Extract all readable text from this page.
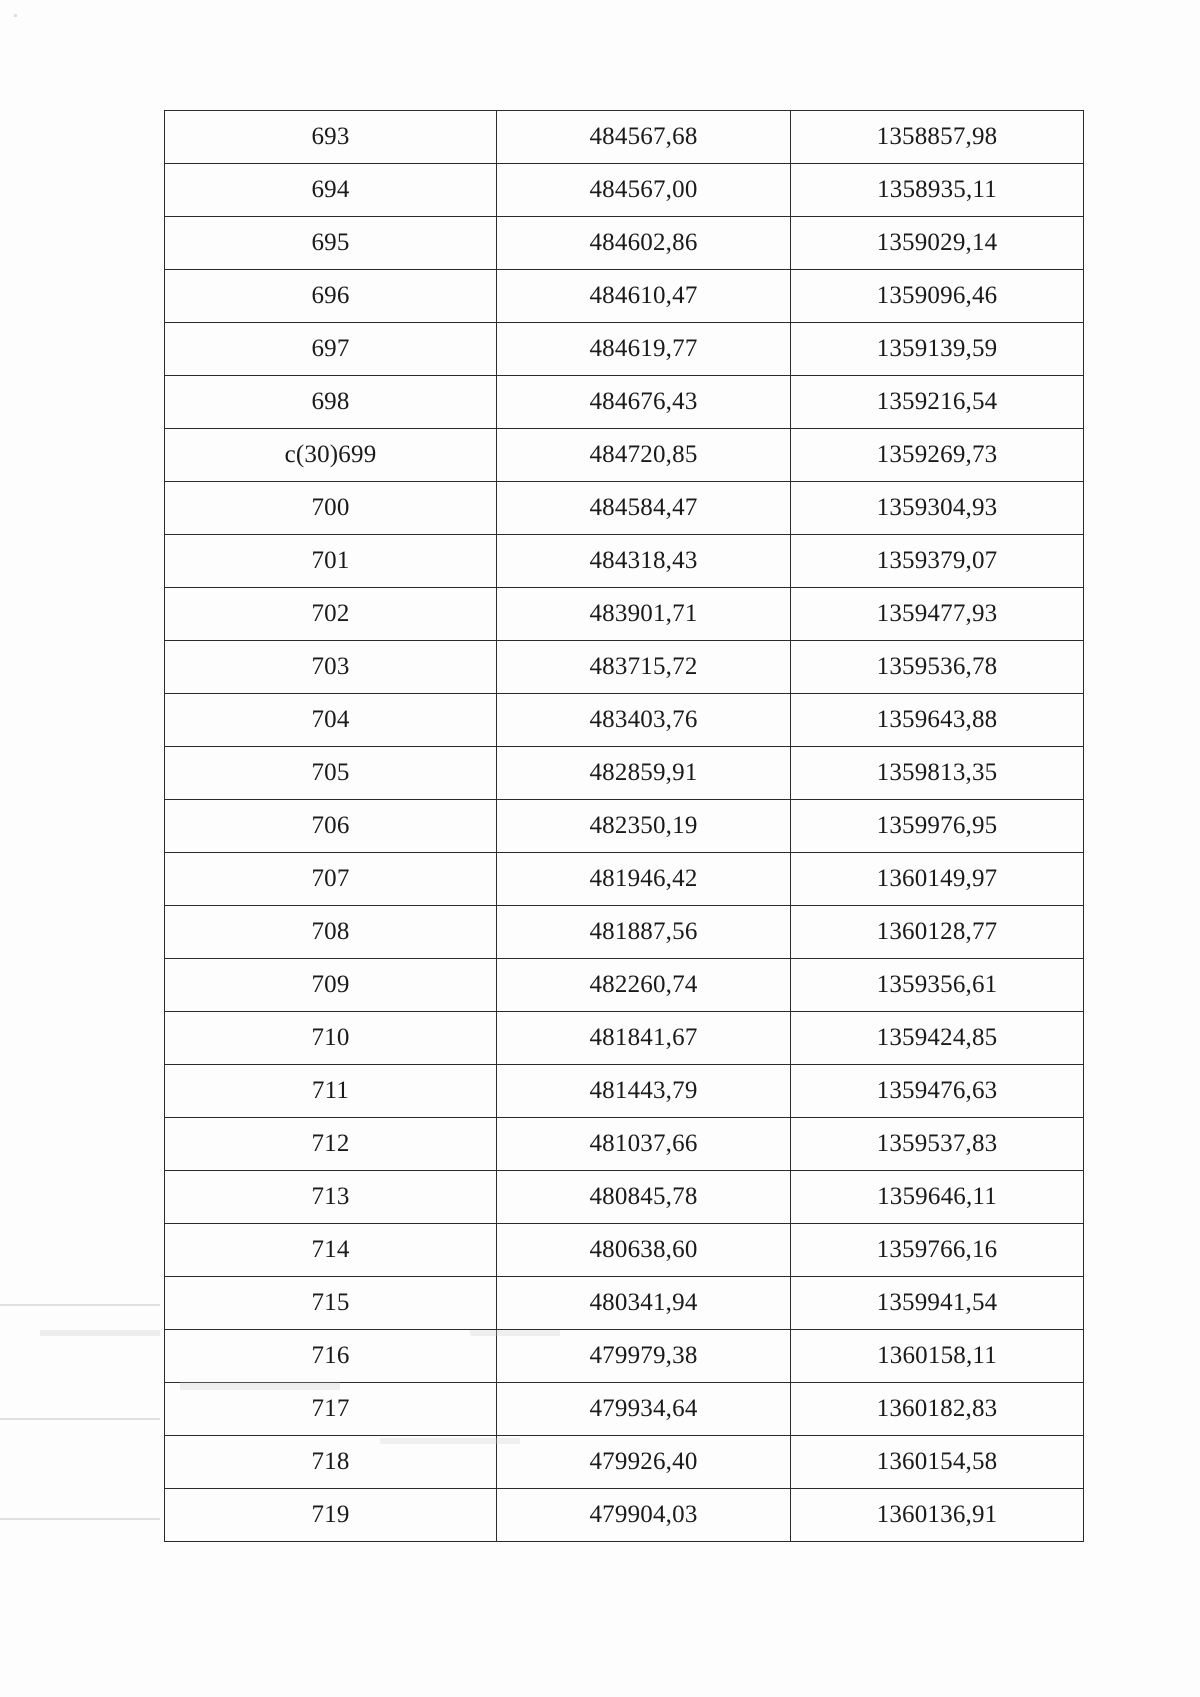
693	484567,68	1358857,98
694	484567,00	1358935,11
695	484602,86	1359029,14
696	484610,47	1359096,46
697	484619,77	1359139,59
698	484676,43	1359216,54
c(30)699	484720,85	1359269,73
700	484584,47	1359304,93
701	484318,43	1359379,07
702	483901,71	1359477,93
703	483715,72	1359536,78
704	483403,76	1359643,88
705	482859,91	1359813,35
706	482350,19	1359976,95
707	481946,42	1360149,97
708	481887,56	1360128,77
709	482260,74	1359356,61
710	481841,67	1359424,85
711	481443,79	1359476,63
712	481037,66	1359537,83
713	480845,78	1359646,11
714	480638,60	1359766,16
715	480341,94	1359941,54
716	479979,38	1360158,11
717	479934,64	1360182,83
718	479926,40	1360154,58
719	479904,03	1360136,91
